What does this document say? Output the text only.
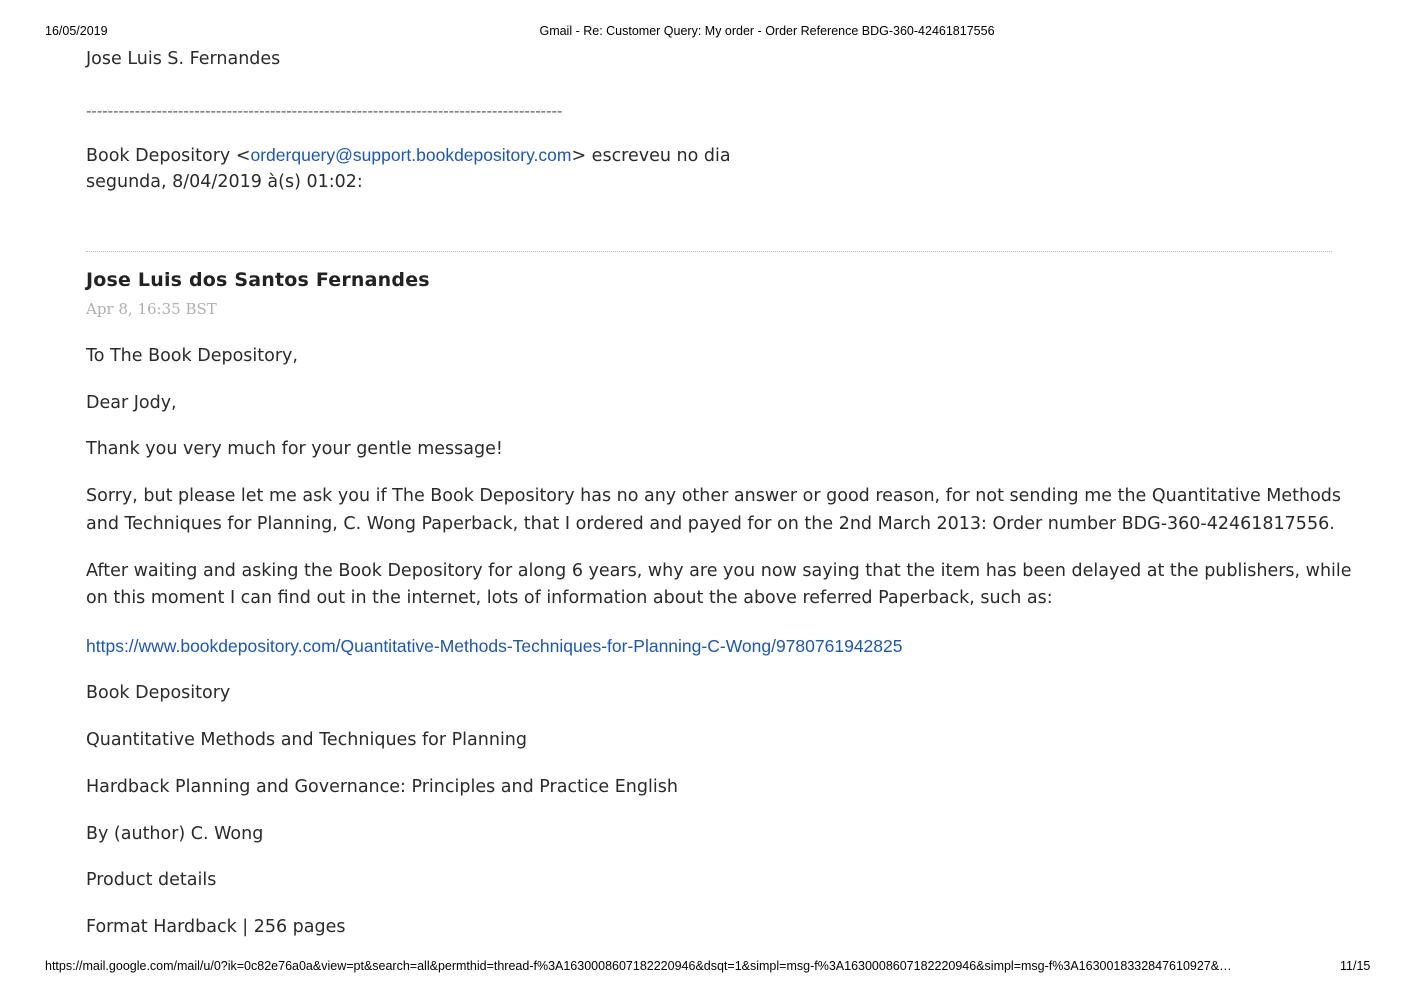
16/05/2019	Gmail - Re: Customer Query: My order - Order Reference BDG-360-42461817556
Jose Luis S. Fernandes
----------------------------------------------------------------------------------------
Book Depository <orderquery@support.bookdepository.com> escreveu no dia
segunda, 8/04/2019 à(s) 01:02:
Jose Luis dos Santos Fernandes
Apr 8, 16:35 BST
To The Book Depository,
Dear Jody,
Thank you very much for your gentle message!
Sorry, but please let me ask you if The Book Depository has no any other answer or good reason, for not sending me the Quantitative Methods
and Techniques for Planning, C. Wong Paperback, that I ordered and payed for on the 2nd March 2013: Order number BDG-360-42461817556.
After waiting and asking the Book Depository for along 6 years, why are you now saying that the item has been delayed at the publishers, while
on this moment I can find out in the internet, lots of information about the above referred Paperback, such as:
https://www.bookdepository.com/Quantitative-Methods-Techniques-for-Planning-C-Wong/9780761942825
Book Depository
Quantitative Methods and Techniques for Planning
Hardback Planning and Governance: Principles and Practice English
By (author) C. Wong
Product details
Format Hardback | 256 pages
https://mail.google.com/mail/u/0?ik=0c82e76a0a&view=pt&search=all&permthid=thread-f%3A1630008607182220946&dsqt=1&simpl=msg-f%3A1630008607182220946&simpl=msg-f%3A1630018332847610927&…	11/15
